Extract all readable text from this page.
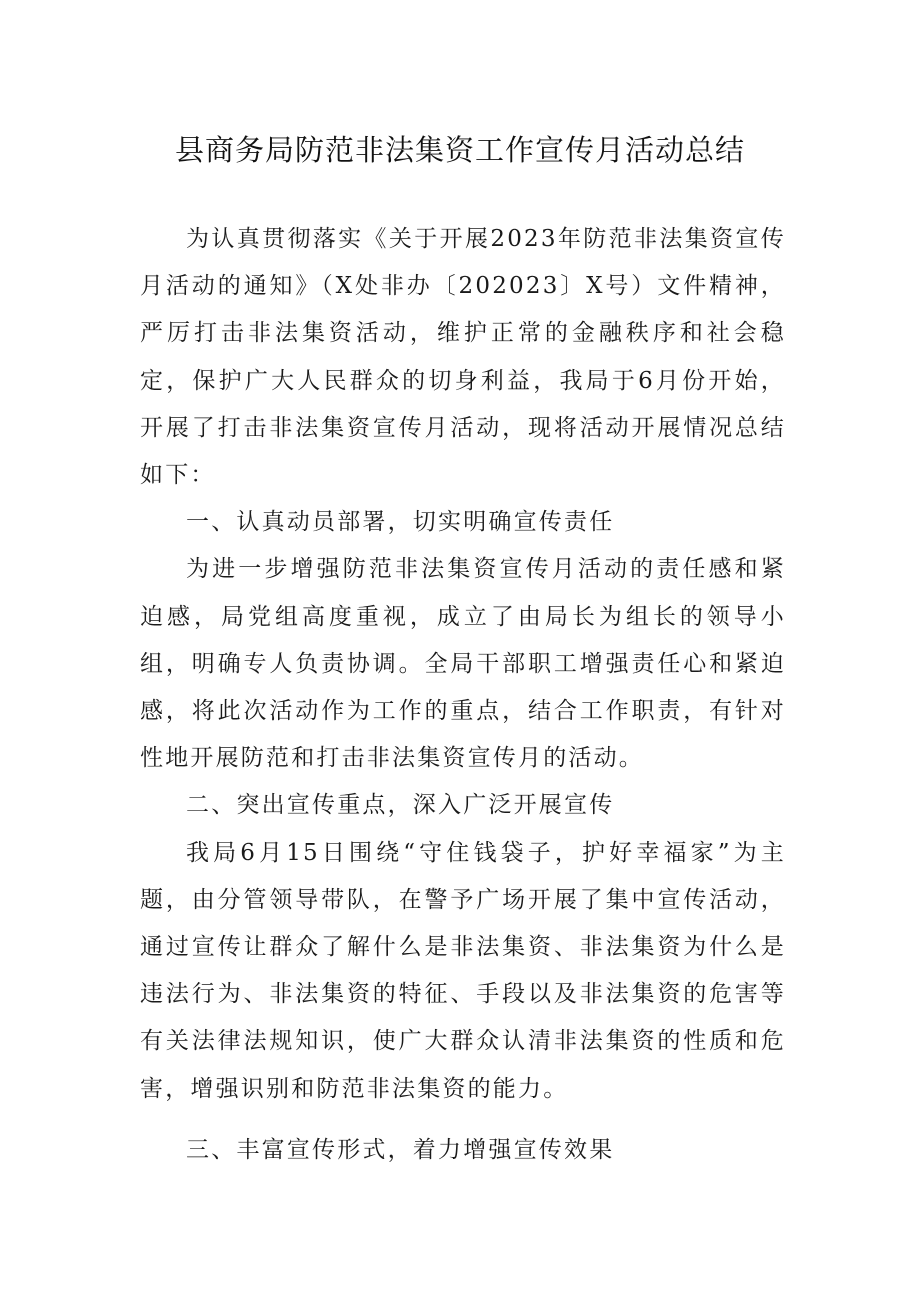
县商务局防范非法集资工作宣传月活动总结

为认真贯彻落实《关于开展2023年防范非法集资宣传月活动的通知》（X处非办〔202023〕X号）文件精神，严厉打击非法集资活动，维护正常的金融秩序和社会稳定，保护广大人民群众的切身利益，我局于6月份开始，开展了打击非法集资宣传月活动，现将活动开展情况总结如下：

一、认真动员部署，切实明确宣传责任

为进一步增强防范非法集资宣传月活动的责任感和紧迫感，局党组高度重视，成立了由局长为组长的领导小组，明确专人负责协调。全局干部职工增强责任心和紧迫感，将此次活动作为工作的重点，结合工作职责，有针对性地开展防范和打击非法集资宣传月的活动。

二、突出宣传重点，深入广泛开展宣传

我局6月15日围绕“守住钱袋子，护好幸福家”为主题，由分管领导带队，在警予广场开展了集中宣传活动，通过宣传让群众了解什么是非法集资、非法集资为什么是违法行为、非法集资的特征、手段以及非法集资的危害等有关法律法规知识，使广大群众认清非法集资的性质和危害，增强识别和防范非法集资的能力。

三、丰富宣传形式，着力增强宣传效果
